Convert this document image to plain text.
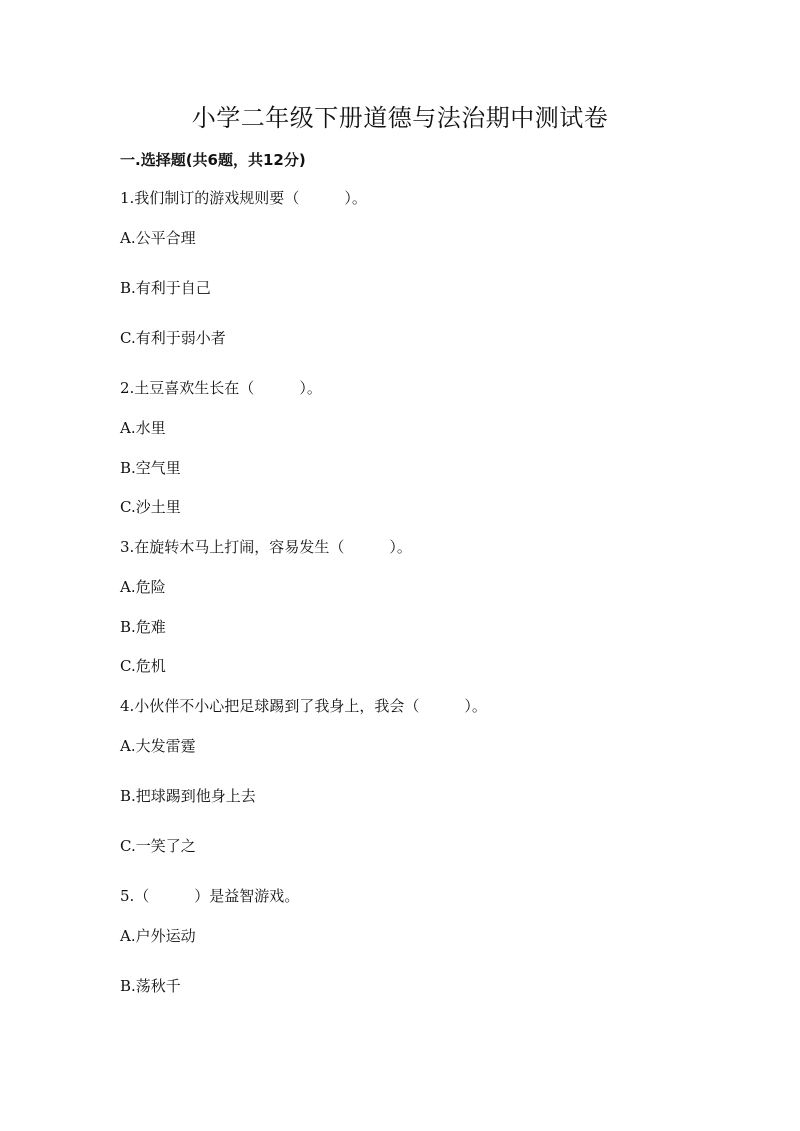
小学二年级下册道德与法治期中测试卷
一.选择题(共6题，共12分)
1.我们制订的游戏规则要（　　　）。
A.公平合理
B.有利于自己
C.有利于弱小者
2.土豆喜欢生长在（　　　）。
A.水里
B.空气里
C.沙土里
3.在旋转木马上打闹，容易发生（　　　）。
A.危险
B.危难
C.危机
4.小伙伴不小心把足球踢到了我身上，我会（　　　）。
A.大发雷霆
B.把球踢到他身上去
C.一笑了之
5.（　　　）是益智游戏。
A.户外运动
B.荡秋千
